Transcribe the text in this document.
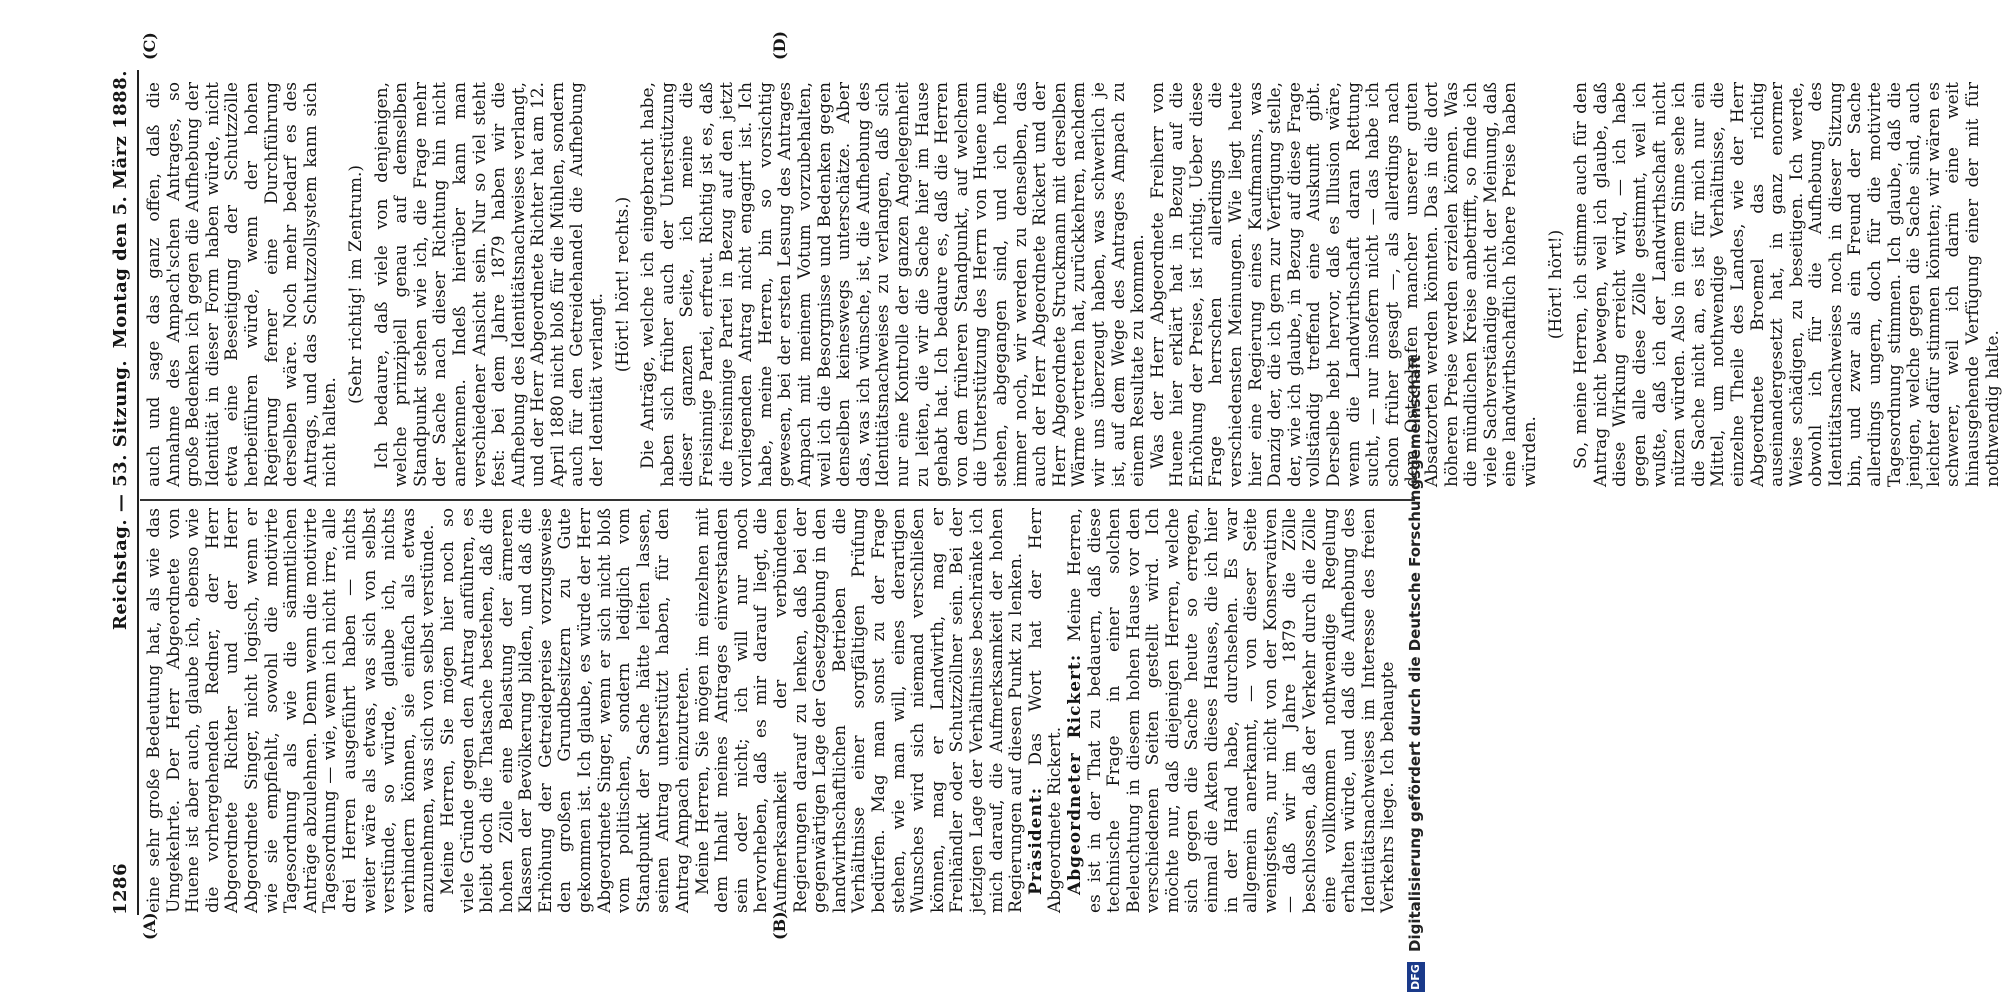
1286
Reichstag. — 53. Sitzung.
Montag den 5. März 1888.
(A)	(B)
(C)	(D)

eine sehr große Bedeutung hat, als wie das Umgekehrte. Der Herr Abgeordnete von Huene ist aber auch, glaube ich, ebenso wie die vorhergehenden Redner, der Herr Abgeordnete Richter und der Herr Abgeordnete Singer, nicht logisch, wenn er wie sie empfiehlt, sowohl die motivirte Tagesordnung als wie die sämmtlichen Anträge abzulehnen. Denn wenn die motivirte Tagesordnung — wie, wenn ich nicht irre, alle drei Herren ausgeführt haben — nichts weiter wäre als etwas, was sich von selbst verstünde, so würde, glaube ich, nichts verhindern können, sie einfach als etwas anzunehmen, was sich von selbst verstünde. Meine Herren, Sie mögen hier noch so viele Gründe gegen den Antrag anführen, es bleibt doch die Thatsache bestehen, daß die hohen Zölle eine Belastung der ärmeren Klassen der Bevölkerung bilden, und daß die Erhöhung der Getreidepreise vorzugsweise den großen Grundbesitzern zu Gute gekommen ist. Ich glaube, es würde der Herr Abgeordnete Singer, wenn er sich nicht bloß vom politischen, sondern lediglich vom Standpunkt der Sache hätte leiten lassen, seinen Antrag unterstützt haben, für den Antrag Ampach einzutreten. Meine Herren, Sie mögen im einzelnen mit dem Inhalt meines Antrages einverstanden sein oder nicht; ich will nur noch hervorheben, daß es mir darauf liegt, die Aufmerksamkeit der verbündeten Regierungen darauf zu lenken, daß bei der gegenwärtigen Lage der Gesetzgebung in den landwirthschaftlichen Betrieben die Verhältnisse einer sorgfältigen Prüfung bedürfen. Mag man sonst zu der Frage stehen, wie man will, eines derartigen Wunsches wird sich niemand verschließen können, mag er Landwirth, mag er Freihändler oder Schutzzöllner sein. Bei der jetzigen Lage der Verhältnisse beschränke ich mich darauf, die Aufmerksamkeit der hohen Regierungen auf diesen Punkt zu lenken. Präsident: Das Wort hat der Herr Abgeordnete Rickert. Abgeordneter Rickert: Meine Herren, es ist in der That zu bedauern, daß diese technische Frage in einer solchen Beleuchtung in diesem hohen Hause vor den verschiedenen Seiten gestellt wird. Ich möchte nur, daß diejenigen Herren, welche sich gegen die Sache heute so erregen, einmal die Akten dieses Hauses, die ich hier in der Hand habe, durchsehen. Es war allgemein anerkannt, — von dieser Seite wenigstens, nur nicht von der Konservativen — daß wir im Jahre 1879 die Zölle beschlossen, daß der Verkehr durch die Zölle eine vollkommen nothwendige Regelung erhalten würde, und daß die Aufhebung des Identitätsnachweises im Interesse des freien Verkehrs liege. Ich behaupte

auch und sage das ganz offen, daß die Annahme des Ampach'schen Antrages, so große Bedenken ich gegen die Aufhebung der Identität in dieser Form haben würde, nicht etwa eine Beseitigung der Schutzzölle herbeiführen würde, wenn der hohen Regierung ferner eine Durchführung derselben wäre. Noch mehr bedarf es des Antrags, und das Schutzzollsystem kann sich nicht halten.

(Sehr richtig! im Zentrum.) Ich bedaure, daß viele von denjenigen, welche prinzipiell genau auf demselben Standpunkt stehen wie ich, die Frage mehr der Sache nach dieser Richtung hin nicht anerkennen. Indeß hierüber kann man verschiedener Ansicht sein. Nur so viel steht fest: bei dem Jahre 1879 haben wir die Aufhebung des Identitätsnachweises verlangt, und der Herr Abgeordnete Richter hat am 12. April 1880 nicht bloß für die Mühlen, sondern auch für den Getreidehandel die Aufhebung der Identität verlangt.

(Hört! hört! rechts.) Die Anträge, welche ich eingebracht habe, haben sich früher auch der Unterstützung dieser ganzen Seite, ich meine die Freisinnige Partei, erfreut. Richtig ist es, daß die freisinnige Partei in Bezug auf den jetzt vorliegenden Antrag nicht engagirt ist. Ich habe, meine Herren, bin so vorsichtig gewesen, bei der ersten Lesung des Antrages Ampach mit meinem Votum vorzubehalten, weil ich die Besorgnisse und Bedenken gegen denselben keineswegs unterschätze. Aber das, was ich wünsche, ist, die Aufhebung des Identitätsnachweises zu verlangen, daß sich nur eine Kontrolle der ganzen Angelegenheit zu leiten, die wir die Sache hier im Hause gehabt hat. Ich bedaure es, daß die Herren von dem früheren Standpunkt, auf welchem die Unterstützung des Herrn von Huene nun stehen, abgegangen sind, und ich hoffe immer noch, wir werden zu denselben, das auch der Herr Abgeordnete Rickert und der Herr Abgeordnete Struckmann mit derselben Wärme vertreten hat, zurückkehren, nachdem wir uns überzeugt haben, was schwerlich je ist, auf dem Wege des Antrages Ampach zu einem Resultate zu kommen. Was der Herr Abgeordnete Freiherr von Huene hier erklärt hat in Bezug auf die Erhöhung der Preise, ist richtig. Ueber diese Frage herrschen allerdings die verschiedensten Meinungen. Wie liegt heute hier eine Regierung eines Kaufmanns, was Danzig der, die ich gern zur Verfügung stelle, der, wie ich glaube, in Bezug auf diese Frage vollständig treffend eine Auskunft gibt. Derselbe hebt hervor, daß es Illusion wäre, wenn die Landwirthschaft daran Rettung sucht, — nur insofern nicht — das habe ich schon früher gesagt —, als allerdings nach dem Ostseehafen mancher unserer guten Absatzorten werden könnten. Das in die dort höheren Preise werden erzielen können. Was die mündlichen Kreise anbetrifft, so finde ich viele Sachverständige nicht der Meinung, daß eine landwirthschaftlich höhere Preise haben würden.

(Hört! hört!) So, meine Herren, ich stimme auch für den Antrag nicht bewegen, weil ich glaube, daß diese Wirkung erreicht wird, — ich habe gegen alle diese Zölle gestimmt, weil ich wußte, daß ich der Landwirthschaft nicht nützen würden. Also in einem Sinne sehe ich die Sache nicht an, es ist für mich nur ein Mittel, um nothwendige Verhältnisse, die einzelne Theile des Landes, wie der Herr Abgeordnete Broemel das richtig auseinandergesetzt hat, in ganz enormer Weise schädigen, zu beseitigen. Ich werde, obwohl ich für die Aufhebung des Identitätsnachweises noch in dieser Sitzung bin, und zwar als ein Freund der Sache allerdings ungern, doch für die motivirte Tagesordnung stimmen. Ich glaube, daß die jenigen, welche gegen die Sache sind, auch leichter dafür stimmen könnten; wir wären es schwerer, weil ich darin eine weit hinausgehende Verfügung einer der mit für nothwendig halte.

DFG
Digitalisierung gefördert durch die Deutsche Forschungsgemeinschaft
